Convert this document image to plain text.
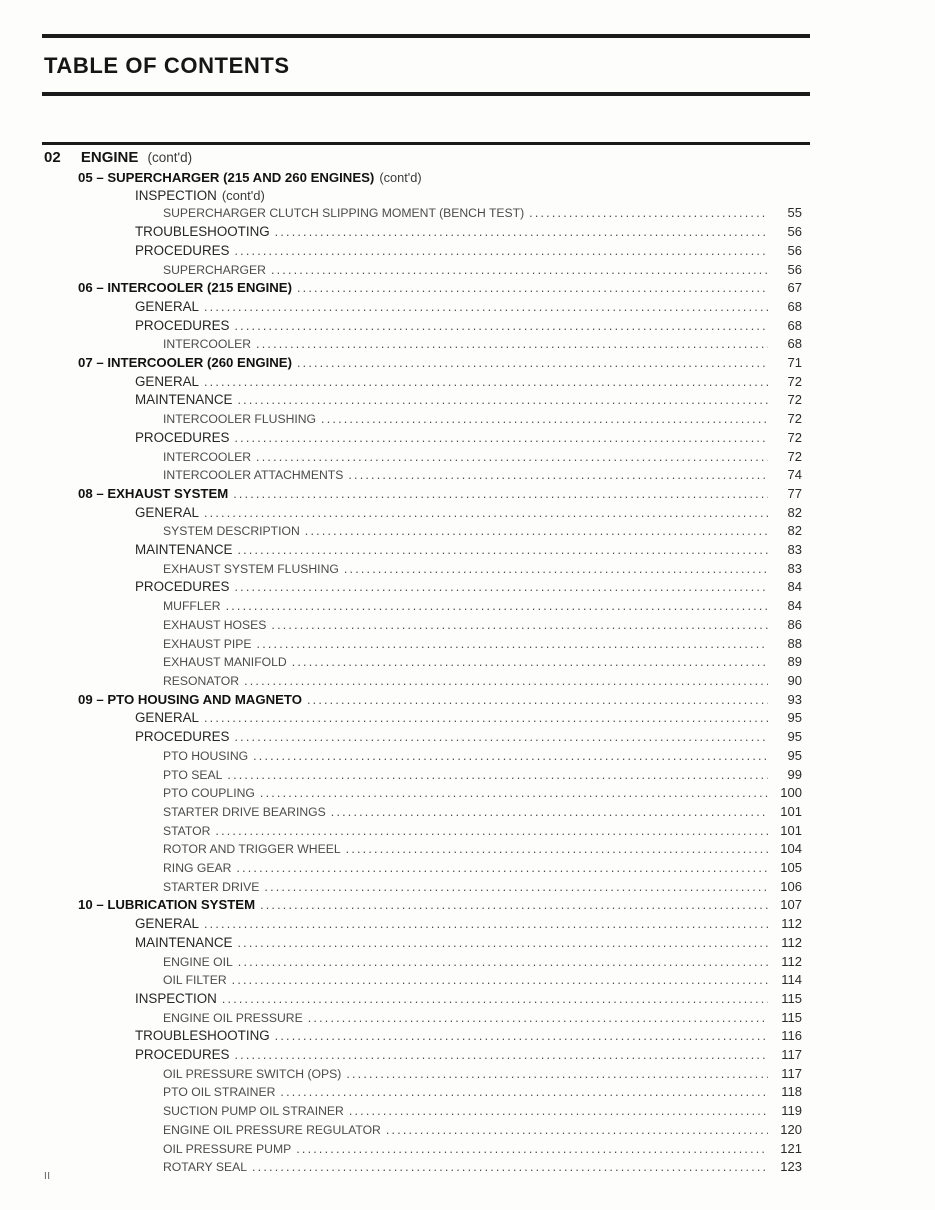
TABLE OF CONTENTS
02 ENGINE (cont'd)
05 – SUPERCHARGER (215 AND 260 ENGINES) (cont'd)
INSPECTION (cont'd)
SUPERCHARGER CLUTCH SLIPPING MOMENT (BENCH TEST) .....	55
TROUBLESHOOTING .....	56
PROCEDURES .....	56
SUPERCHARGER .....	56
06 – INTERCOOLER (215 ENGINE) .....	67
GENERAL .....	68
PROCEDURES .....	68
INTERCOOLER .....	68
07 – INTERCOOLER (260 ENGINE) .....	71
GENERAL .....	72
MAINTENANCE .....	72
INTERCOOLER FLUSHING .....	72
PROCEDURES .....	72
INTERCOOLER .....	72
INTERCOOLER ATTACHMENTS .....	74
08 – EXHAUST SYSTEM .....	77
GENERAL .....	82
SYSTEM DESCRIPTION .....	82
MAINTENANCE .....	83
EXHAUST SYSTEM FLUSHING .....	83
PROCEDURES .....	84
MUFFLER .....	84
EXHAUST HOSES .....	86
EXHAUST PIPE .....	88
EXHAUST MANIFOLD .....	89
RESONATOR .....	90
09 – PTO HOUSING AND MAGNETO .....	93
GENERAL .....	95
PROCEDURES .....	95
PTO HOUSING .....	95
PTO SEAL .....	99
PTO COUPLING .....	100
STARTER DRIVE BEARINGS .....	101
STATOR .....	101
ROTOR AND TRIGGER WHEEL .....	104
RING GEAR .....	105
STARTER DRIVE .....	106
10 – LUBRICATION SYSTEM .....	107
GENERAL .....	112
MAINTENANCE .....	112
ENGINE OIL .....	112
OIL FILTER .....	114
INSPECTION .....	115
ENGINE OIL PRESSURE .....	115
TROUBLESHOOTING .....	116
PROCEDURES .....	117
OIL PRESSURE SWITCH (OPS) .....	117
PTO OIL STRAINER .....	118
SUCTION PUMP OIL STRAINER .....	119
ENGINE OIL PRESSURE REGULATOR .....	120
OIL PRESSURE PUMP .....	121
ROTARY SEAL .....	123
II
